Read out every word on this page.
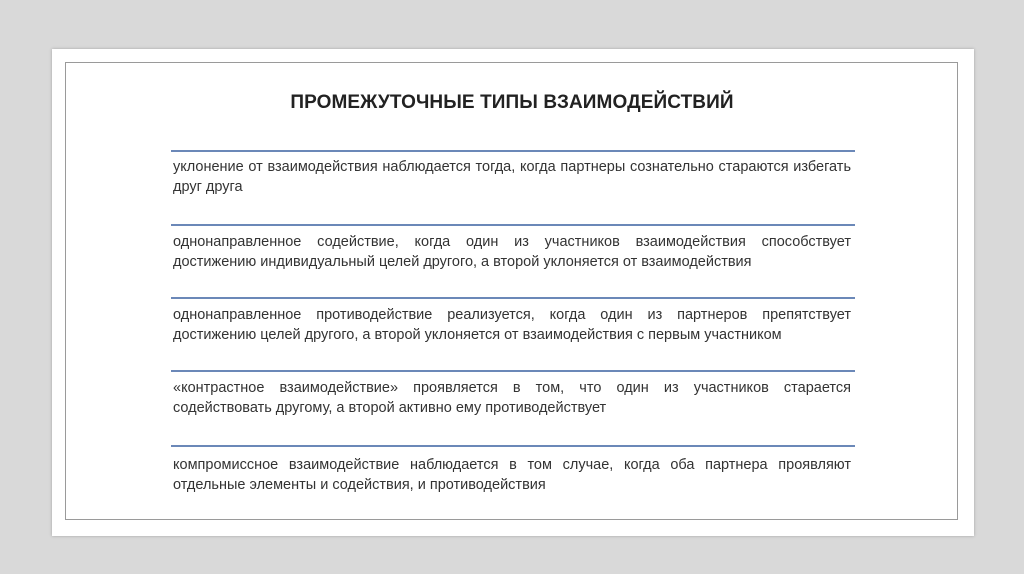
ПРОМЕЖУТОЧНЫЕ ТИПЫ ВЗАИМОДЕЙСТВИЙ
уклонение от взаимодействия наблюдается тогда, когда партнеры сознательно стараются избегать друг друга
однонаправленное содействие, когда один из участников взаимодействия способствует достижению индивидуальный целей другого, а второй уклоняется от взаимодействия
однонаправленное противодействие реализуется, когда один из партнеров препятствует достижению целей другого, а второй уклоняется от взаимодействия с первым участником
«контрастное взаимодействие» проявляется в том, что один из участников старается содействовать другому, а второй активно ему противодействует
компромиссное взаимодействие наблюдается в том случае, когда оба партнера проявляют отдельные элементы и содействия, и противодействия
